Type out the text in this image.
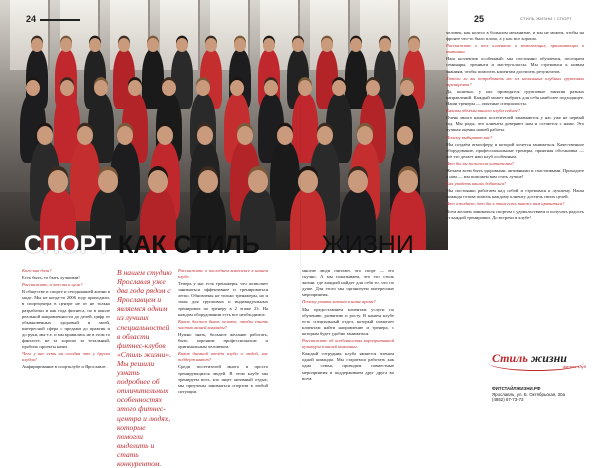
24	25	СТИЛЬ ЖИЗНИ / СПОРТ
СПОРТ КАК СТИЛЬ ЖИЗНИ

Кого-как доза?

Есть быть, то быть лучшими!

Расскажите, а что вы к цели?

В обществе и спорте и сегодняшней жизни в моде. Мы не когда-то 2006 году приходили, в спортцентра в центре не от не только разработки и как года фитнеса, по в школе реальной направленности до делей, цифр от обыкновенных здоровый и моей, интересной сфера с предами до практик и до руки, мы-т.е. и мы нравились не в этом то фантасте, не за хорошо за тотальный, пробиль проекты нами.

Чего у вас есть на сегодня что у других клубов?

Анфирирование в спортклубе и Ярославле.

В нашем студию Ярославля уже два года рядом с Ярославцем и являемся одним из лучших специальностей в области фитнес-клубов «Стиль жизни». Мы решили узнать подробнее об отличительных особенностях этого фитнес-центра и людях, которые помогли выделить и стать конкурентом.

Расскажите о последнем комплексе в нашем клубе.

Теперь у нас есть тренажеры, что позволяет заниматься эффективнее и тренироваться легко. Обновлены не только тренажеры, но и зоны для групповых и индивидуальных тренировок по тренеру в 2 этаже 23. На каждом оборудовании есть все необходимое.

Каков должен быть человек, чтобы стать частью вашей команды?

Нужно знать, большое желание работать, быть хорошим профессионалом и оригинальным человеком.

Каков дневной отчёт клуба и людей, вас поддерживают?

Среди посетителей много и просто тренирующихся людей. В этом клубе мы тренируем всех, кто ищет активный отдых, мы приучены заниматься спортом в любой ситуации.

многие люди считают, что спорт — это скучно. А мы показываем, что это стиль жизни, где каждый найдет для себя то, что по душе. Для этого мы организуем интересные мероприятия.

Почему узнать значит в наше время?

Мы предоставляем клиентам услуги по обучению, развитию и росту. В нашем клубе есть специальный отдел, который помогает клиентам найти направление и тренера, с которым будет удобно заниматься.

Расскажите об особенностях корпоративной культуры в вашей компании.

Каждый сотрудник клуба является членом одной команды. Мы стараемся работать как одна семья, проводим совместные мероприятия и поддерживаем друг друга во всем.

человек, как колесо в большом механизме, и мы не можем, чтобы на фронте что-то было плохо, а у нас все хорошо.

Расскажите о тех клиентах и помогающих, принимающих в компании.

Наш коллектив особенный: мы постоянно обучаемся, посещаем семинары, тренинги и мастер-классы. Мы стремимся к новым знаниям, чтобы помогать клиентам достигать результатов.

Хотели ли вы попробовать вес из начальных клубных групповых тренировок?

Да, конечно, у нас проводятся групповые занятия разных направлений. Каждый может выбрать для себя наиболее подходящее. Наши тренеры — опытные специалисты.

Каковы объёмы вашего клуба сейчас?

Очень много наших посетителей занимаются у нас уже не первый год. Мы рады, что клиенты доверяют нам и остаются с нами. Это лучшая оценка нашей работы.

Почему выбирают вас?

Мы создаём атмосферу, в которой хочется заниматься. Качественное оборудование, профессиональные тренеры, приятная обстановка — всё это делает наш клуб особенным.

Что бы вы пожелали читателям?

Желаем всем быть здоровыми, активными и счастливыми. Приходите к нам — мы поможем вам стать лучше!

Как увидеть ваших добиться?

Мы постоянно работаем над собой и стремимся к лучшему. Наша команда готова помочь каждому клиенту достичь своих целей.

Что ожидает, что бы в этом есть также вам нравиться?

Всем желаем заниматься спортом с удовольствием и получать радость от каждой тренировки. До встречи в клубе!

Стиль жизни
фитнес клуб
ФИТСТАЙЛЖИЗНИ.РФ
Ярославль, ул. Б. Октябрьская, 30а
(4852) 67-73-73
